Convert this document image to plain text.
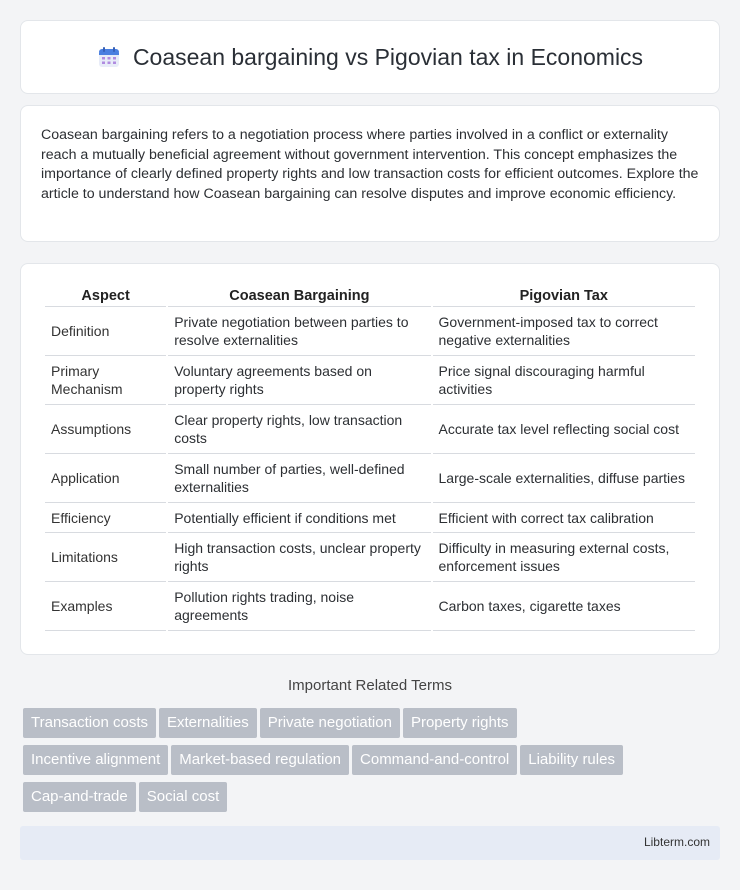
Coasean bargaining vs Pigovian tax in Economics

Coasean bargaining refers to a negotiation process where parties involved in a conflict or externality reach a mutually beneficial agreement without government intervention. This concept emphasizes the importance of clearly defined property rights and low transaction costs for efficient outcomes. Explore the article to understand how Coasean bargaining can resolve disputes and improve economic efficiency.

Aspect	Coasean Bargaining	Pigovian Tax
Definition	Private negotiation between parties to resolve externalities	Government-imposed tax to correct negative externalities
Primary Mechanism	Voluntary agreements based on property rights	Price signal discouraging harmful activities
Assumptions	Clear property rights, low transaction costs	Accurate tax level reflecting social cost
Application	Small number of parties, well-defined externalities	Large-scale externalities, diffuse parties
Efficiency	Potentially efficient if conditions met	Efficient with correct tax calibration
Limitations	High transaction costs, unclear property rights	Difficulty in measuring external costs, enforcement issues
Examples	Pollution rights trading, noise agreements	Carbon taxes, cigarette taxes
Important Related Terms
Transaction costs Externalities Private negotiation Property rights
Incentive alignment Market-based regulation Command-and-control Liability rules
Cap-and-trade Social cost
Libterm.com
